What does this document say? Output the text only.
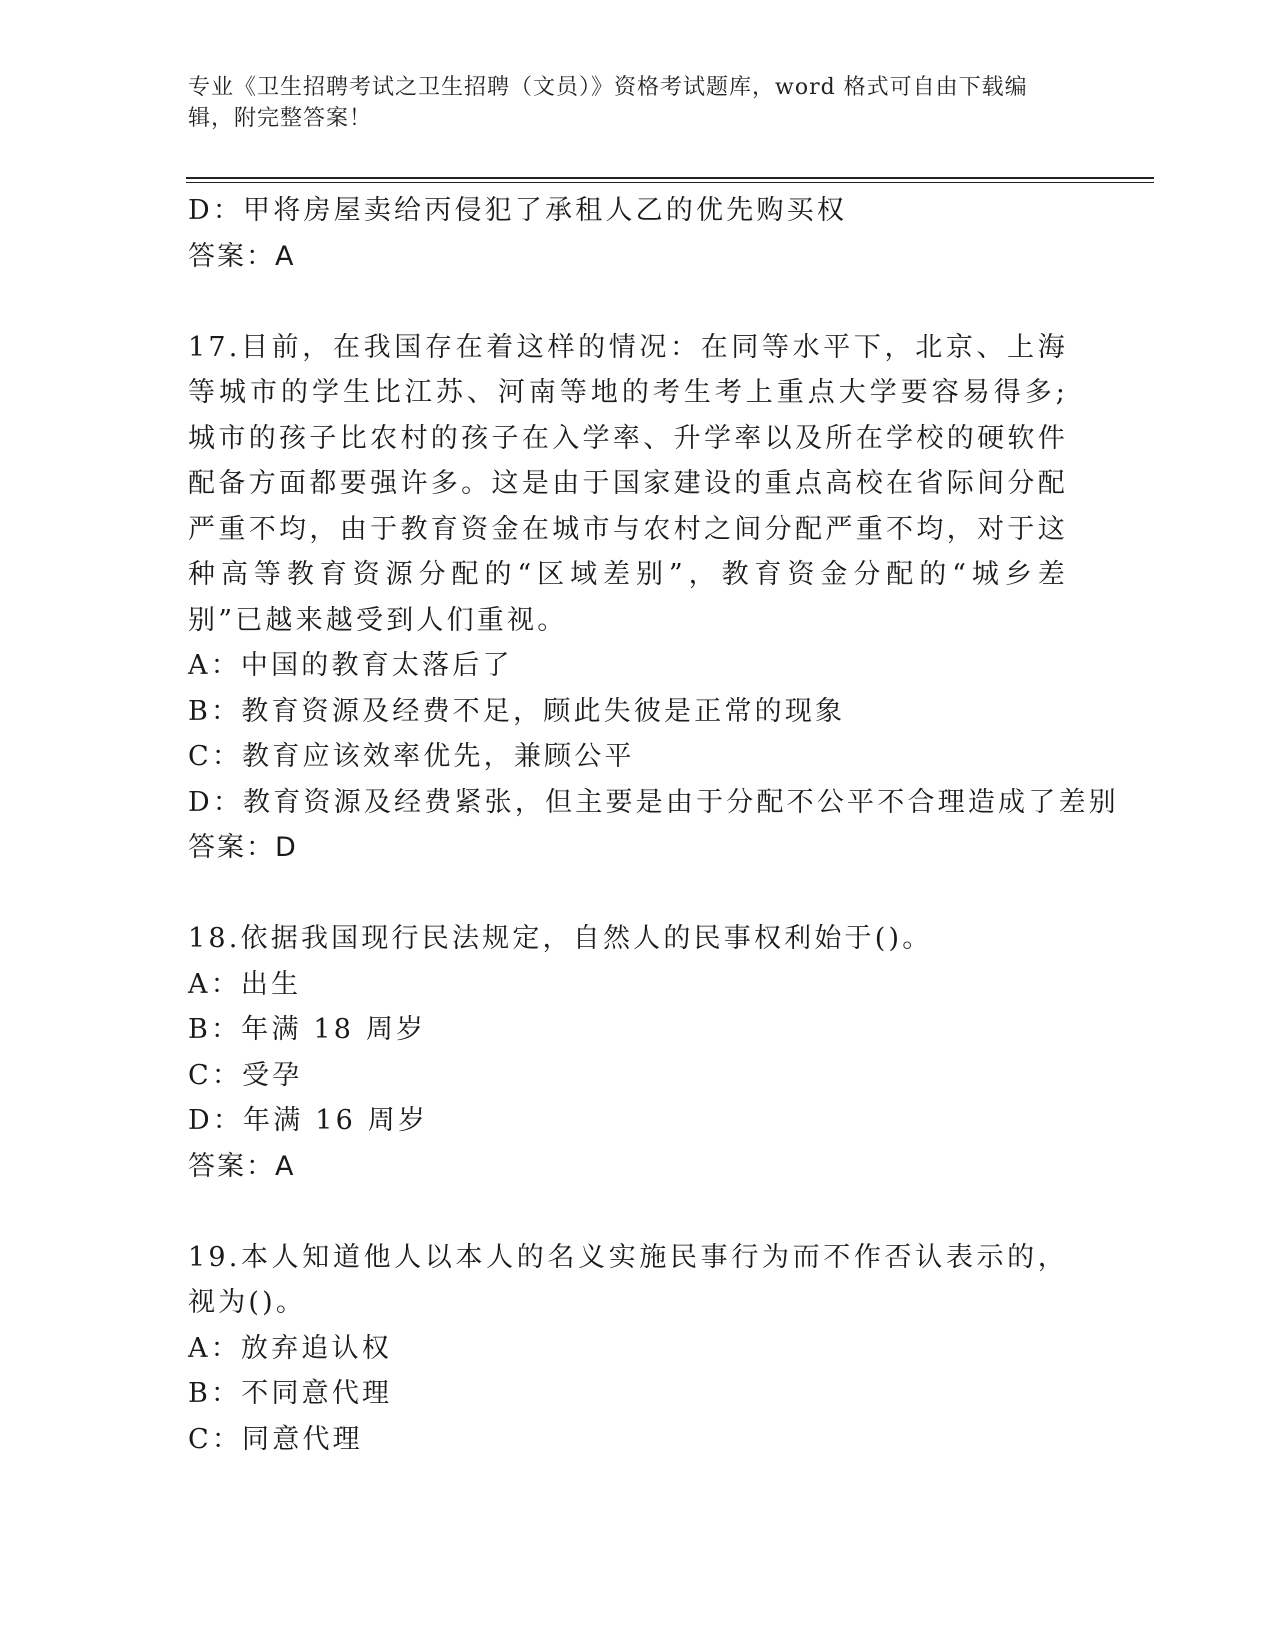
专业《卫生招聘考试之卫生招聘（文员）》资格考试题库，word 格式可自由下载编辑，附完整答案！
D：甲将房屋卖给丙侵犯了承租人乙的优先购买权
答案：A
17.目前，在我国存在着这样的情况：在同等水平下，北京、上海等城市的学生比江苏、河南等地的考生考上重点大学要容易得多;城市的孩子比农村的孩子在入学率、升学率以及所在学校的硬软件配备方面都要强许多。这是由于国家建设的重点高校在省际间分配严重不均，由于教育资金在城市与农村之间分配严重不均，对于这种高等教育资源分配的“区域差别”，教育资金分配的“城乡差别”已越来越受到人们重视。
A：中国的教育太落后了
B：教育资源及经费不足，顾此失彼是正常的现象
C：教育应该效率优先，兼顾公平
D：教育资源及经费紧张，但主要是由于分配不公平不合理造成了差别
答案：D
18.依据我国现行民法规定，自然人的民事权利始于()。
A：出生
B：年满 18 周岁
C：受孕
D：年满 16 周岁
答案：A
19.本人知道他人以本人的名义实施民事行为而不作否认表示的，视为()。
A：放弃追认权
B：不同意代理
C：同意代理
